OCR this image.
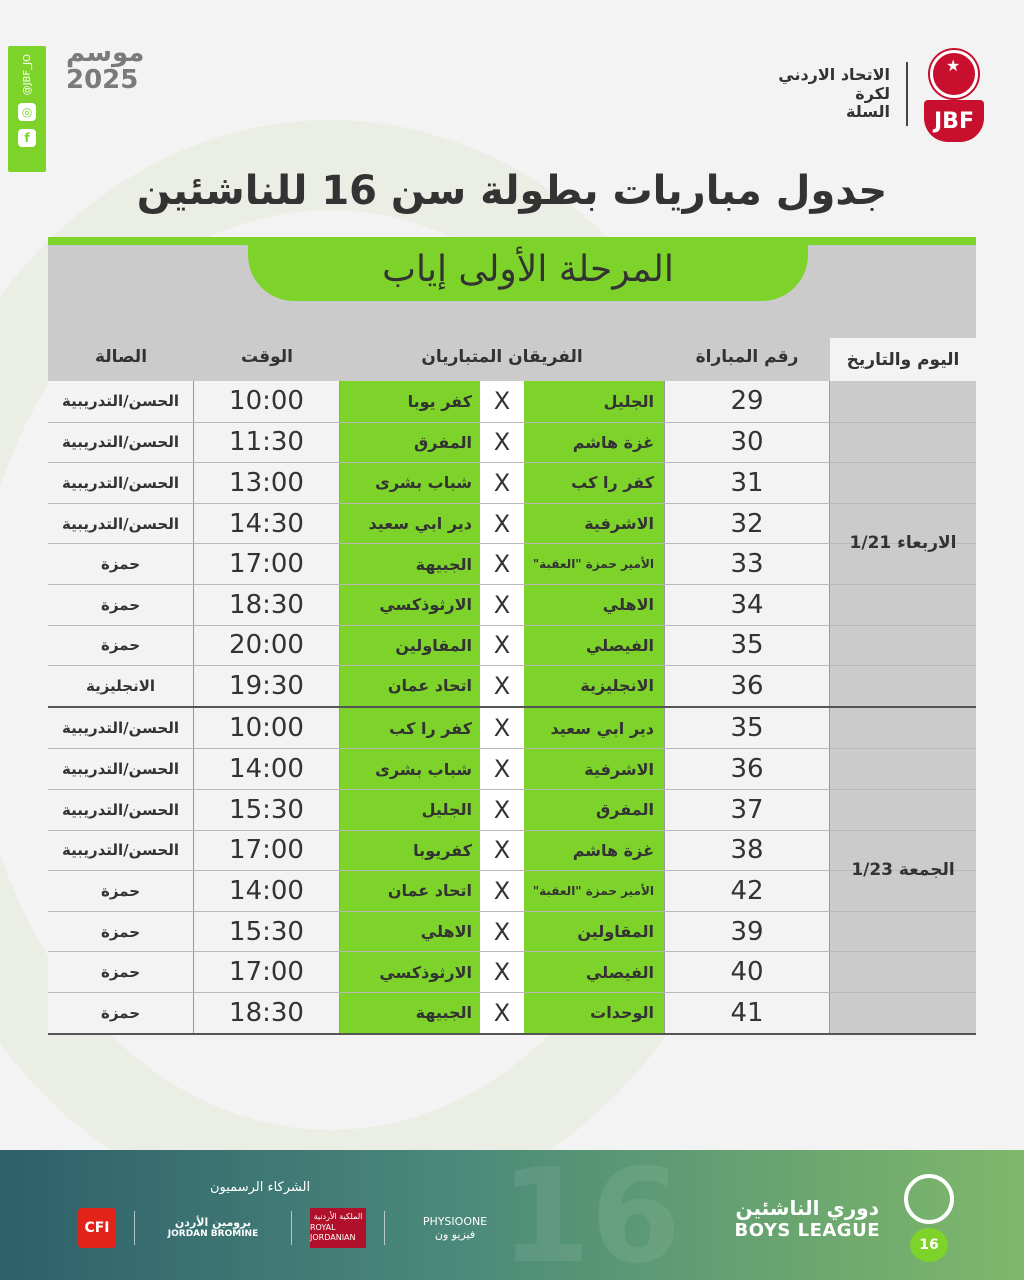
@JBF_JO
◎
f
موسم
2025	الاتحاد الاردني
لكرة
السلة
★
JBF
جدول مباريات بطولة سن 16 للناشئين
المرحلة الأولى إياب
الصالة	الوقت	الفريقان المتباريان	رقم المباراة	اليوم والتاريخ
الحسن/التدريبية	10:00	كفر يوبا X	الجليل	29
الحسن/التدريبية	11:30	المفرق X	غزة هاشم	30
الحسن/التدريبية	13:00	شباب بشرى X	كفر را كب	31
الحسن/التدريبية	14:30	دير ابي سعيد X	الاشرفية	32
حمزة	17:00	الجبيهة X	الأمير حمزة "العقبة"	33
حمزة	18:30	الارثوذكسي X	الاهلي	34
حمزة	20:00	المقاولين X	الفيصلي	35
الانجليزية	19:30	اتحاد عمان X	الانجليزية	36
الاربعاء 1/21
الحسن/التدريبية	10:00	كفر را كب X	دير ابي سعيد	35
الحسن/التدريبية	14:00	شباب بشرى X	الاشرفية	36
الحسن/التدريبية	15:30	الجليل X	المفرق	37
الحسن/التدريبية	17:00	كفريوبا X	غزة هاشم	38
حمزة	14:00	اتحاد عمان X	الأمير حمزة "العقبة"	42
حمزة	15:30	الاهلي X	المقاولين	39
حمزة	17:00	الارثوذكسي X	الفيصلي	40
حمزة	18:30	الجبيهة X	الوحدات	41
الجمعة 1/23
16
الشركاء الرسميون
CFI	برومين الأردن
JORDAN BROMINE
الملكية الأردنية
ROYAL JORDANIAN
PHYSIOONE
فيزيو ون
دوري الناشئين
BOYS LEAGUE
16
